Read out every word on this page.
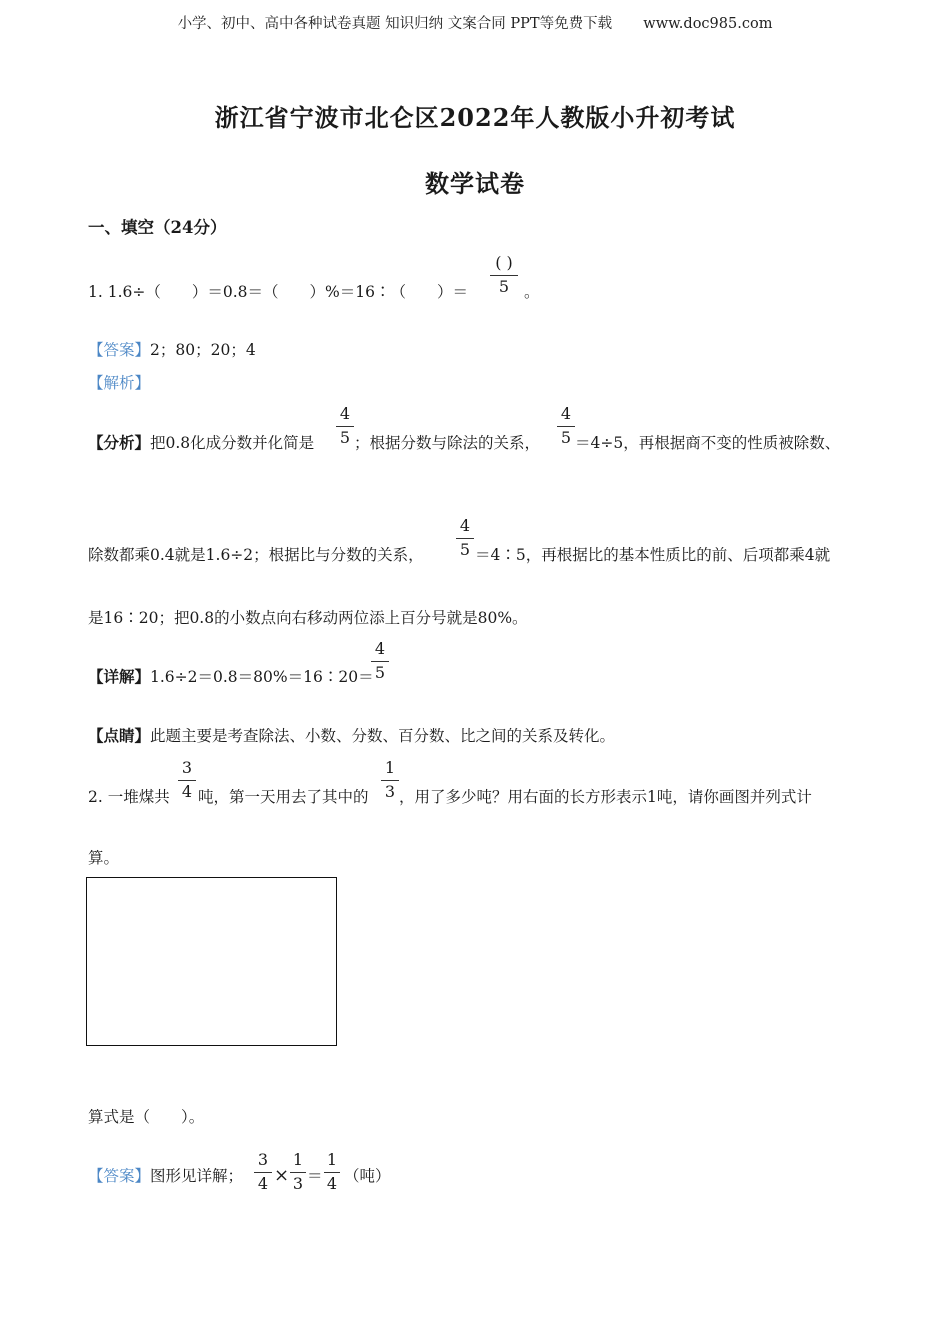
小学、初中、高中各种试卷真题 知识归纳 文案合同 PPT等免费下载 www.doc985.com
浙江省宁波市北仑区2022年人教版小升初考试
数学试卷
一、填空（24分）
1. 1.6÷（　　）＝0.8＝（　　）%＝16∶（　　）＝
( )
5 。
【答案】2；80；20；4
【解析】
【分析】把0.8化成分数并化简是
4
5 ；根据分数与除法的关系，
4
5 ＝4÷5，再根据商不变的性质被除数、
除数都乘0.4就是1.6÷2；根据比与分数的关系，
4
5 ＝4∶5，再根据比的基本性质比的前、后项都乘4就
是16∶20；把0.8的小数点向右移动两位添上百分号就是80%。
【详解】1.6÷2＝0.8＝80%＝16∶20＝
4
5
【点睛】此题主要是考查除法、小数、分数、百分数、比之间的关系及转化。
2. 一堆煤共
3
4 吨，第一天用去了其中的
1
3 ，用了多少吨？用右面的长方形表示1吨，请你画图并列式计
算。
算式是（　　）。
【答案】图形见详解；
3
4 ×
1
3 ＝
1
4 （吨）
